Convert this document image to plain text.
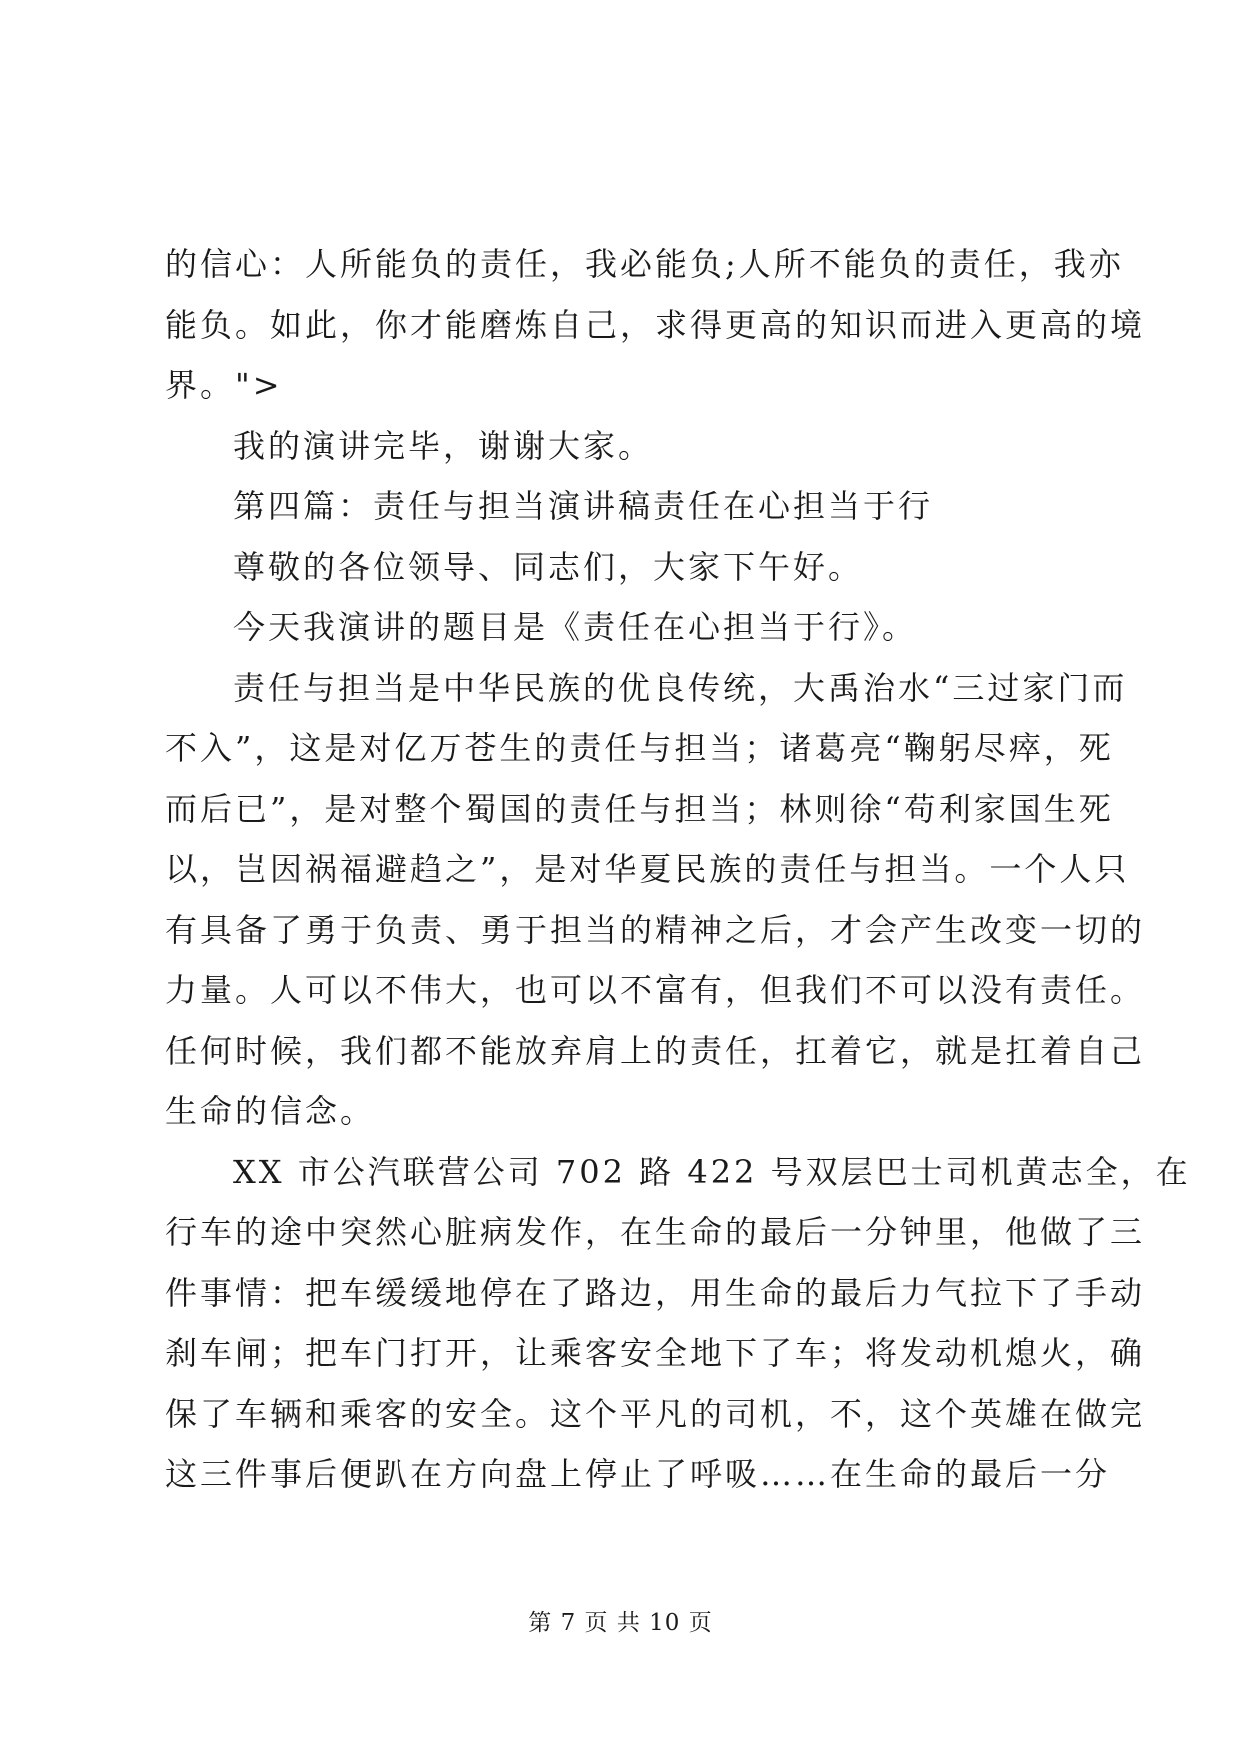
的信心：人所能负的责任，我必能负;人所不能负的责任，我亦
能负。如此，你才能磨炼自己，求得更高的知识而进入更高的境
界。">
我的演讲完毕，谢谢大家。
第四篇：责任与担当演讲稿责任在心担当于行
尊敬的各位领导、同志们，大家下午好。
今天我演讲的题目是《责任在心担当于行》。
责任与担当是中华民族的优良传统，大禹治水“三过家门而
不入”，这是对亿万苍生的责任与担当；诸葛亮“鞠躬尽瘁，死
而后已”，是对整个蜀国的责任与担当；林则徐“苟利家国生死
以，岂因祸福避趋之”，是对华夏民族的责任与担当。一个人只
有具备了勇于负责、勇于担当的精神之后，才会产生改变一切的
力量。人可以不伟大，也可以不富有，但我们不可以没有责任。
任何时候，我们都不能放弃肩上的责任，扛着它，就是扛着自己
生命的信念。
XX 市公汽联营公司 702 路 422 号双层巴士司机黄志全，在
行车的途中突然心脏病发作，在生命的最后一分钟里，他做了三
件事情：把车缓缓地停在了路边，用生命的最后力气拉下了手动
刹车闸；把车门打开，让乘客安全地下了车；将发动机熄火，确
保了车辆和乘客的安全。这个平凡的司机，不，这个英雄在做完
这三件事后便趴在方向盘上停止了呼吸……在生命的最后一分
第 7 页 共 10 页
